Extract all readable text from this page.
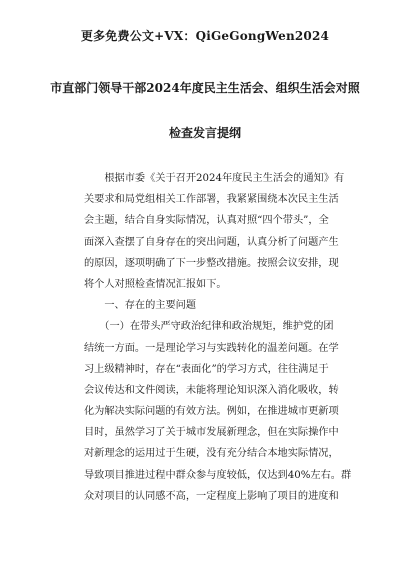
更多免费公文+VX：QiGeGongWen2024
市直部门领导干部2024年度民主生活会、组织生活会对照
检查发言提纲
　　根据市委《关于召开2024年度民主生活会的通知》有
关要求和局党组相关工作部署，我紧紧围绕本次民主生活
会主题，结合自身实际情况，认真对照“四个带头”，全
面深入查摆了自身存在的突出问题，认真分析了问题产生
的原因，逐项明确了下一步整改措施。按照会议安排，现
将个人对照检查情况汇报如下。
　　一、存在的主要问题
　　（一）在带头严守政治纪律和政治规矩，维护党的团
结统一方面。一是理论学习与实践转化的温差问题。在学
习上级精神时，存在“表面化”的学习方式，往往满足于
会议传达和文件阅读，未能将理论知识深入消化吸收，转
化为解决实际问题的有效方法。例如，在推进城市更新项
目时，虽然学习了关于城市发展新理念，但在实际操作中
对新理念的运用过于生硬，没有充分结合本地实际情况，
导致项目推进过程中群众参与度较低，仅达到40%左右。群
众对项目的认同感不高，一定程度上影响了项目的进度和
